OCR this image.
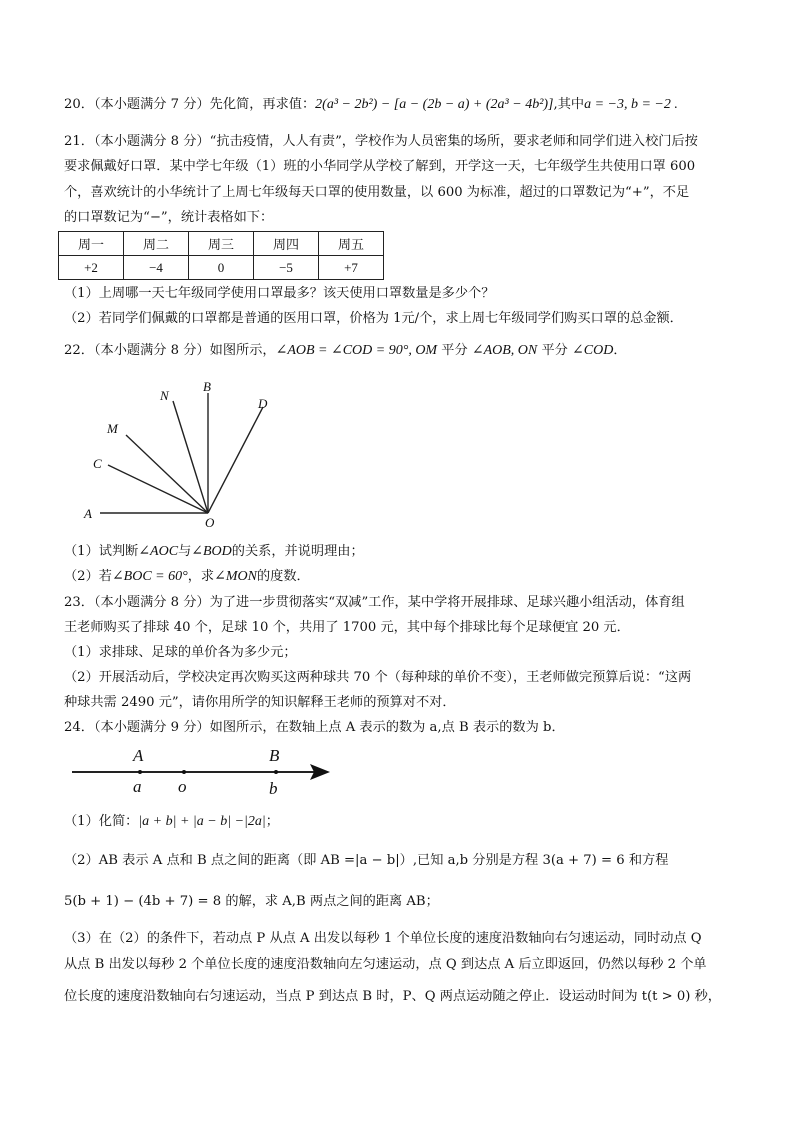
20．（本小题满分 7 分）先化简，再求值：2(a³ − 2b²) − [a − (2b − a) + (2a³ − 4b²)],其中a = −3, b = −2 .
21．（本小题满分 8 分）“抗击疫情，人人有责”，学校作为人员密集的场所，要求老师和同学们进入校门后按
要求佩戴好口罩．某中学七年级（1）班的小华同学从学校了解到，开学这一天，七年级学生共使用口罩 600
个，喜欢统计的小华统计了上周七年级每天口罩的使用数量，以 600 为标准，超过的口罩数记为“+”，不足
的口罩数记为“−”，统计表格如下：
周一	周二	周三	周四	周五
+2	−4	0	−5	+7
（1）上周哪一天七年级同学使用口罩最多？该天使用口罩数量是多少个？
（2）若同学们佩戴的口罩都是普通的医用口罩，价格为 1元/个，求上周七年级同学们购买口罩的总金额．
22．（本小题满分 8 分）如图所示，∠AOB = ∠COD = 90°, OM 平分 ∠AOB, ON 平分 ∠COD．
A
C
M
N
B
D
O
（1）试判断∠AOC与∠BOD的关系，并说明理由；
（2）若∠BOC = 60°，求∠MON的度数．
23．（本小题满分 8 分）为了进一步贯彻落实“双减”工作，某中学将开展排球、足球兴趣小组活动，体育组
王老师购买了排球 40 个，足球 10 个，共用了 1700 元，其中每个排球比每个足球便宜 20 元．
（1）求排球、足球的单价各为多少元；
（2）开展活动后，学校决定再次购买这两种球共 70 个（每种球的单价不变），王老师做完预算后说：“这两
种球共需 2490 元”，请你用所学的知识解释王老师的预算对不对．
24．（本小题满分 9 分）如图所示，在数轴上点 A 表示的数为 a,点 B 表示的数为 b．
A
a o
B
b
（1）化简：|a + b| + |a − b| −|2a|；
（2）AB 表示 A 点和 B 点之间的距离（即 AB =|a − b|）,已知 a,b 分别是方程 3(a + 7) = 6 和方程
5(b + 1) − (4b + 7) = 8 的解，求 A,B 两点之间的距离 AB；
（3）在（2）的条件下，若动点 P 从点 A 出发以每秒 1 个单位长度的速度沿数轴向右匀速运动，同时动点 Q
从点 B 出发以每秒 2 个单位长度的速度沿数轴向左匀速运动，点 Q 到达点 A 后立即返回，仍然以每秒 2 个单
位长度的速度沿数轴向右匀速运动，当点 P 到达点 B 时，P、Q 两点运动随之停止．设运动时间为 t(t > 0) 秒，
